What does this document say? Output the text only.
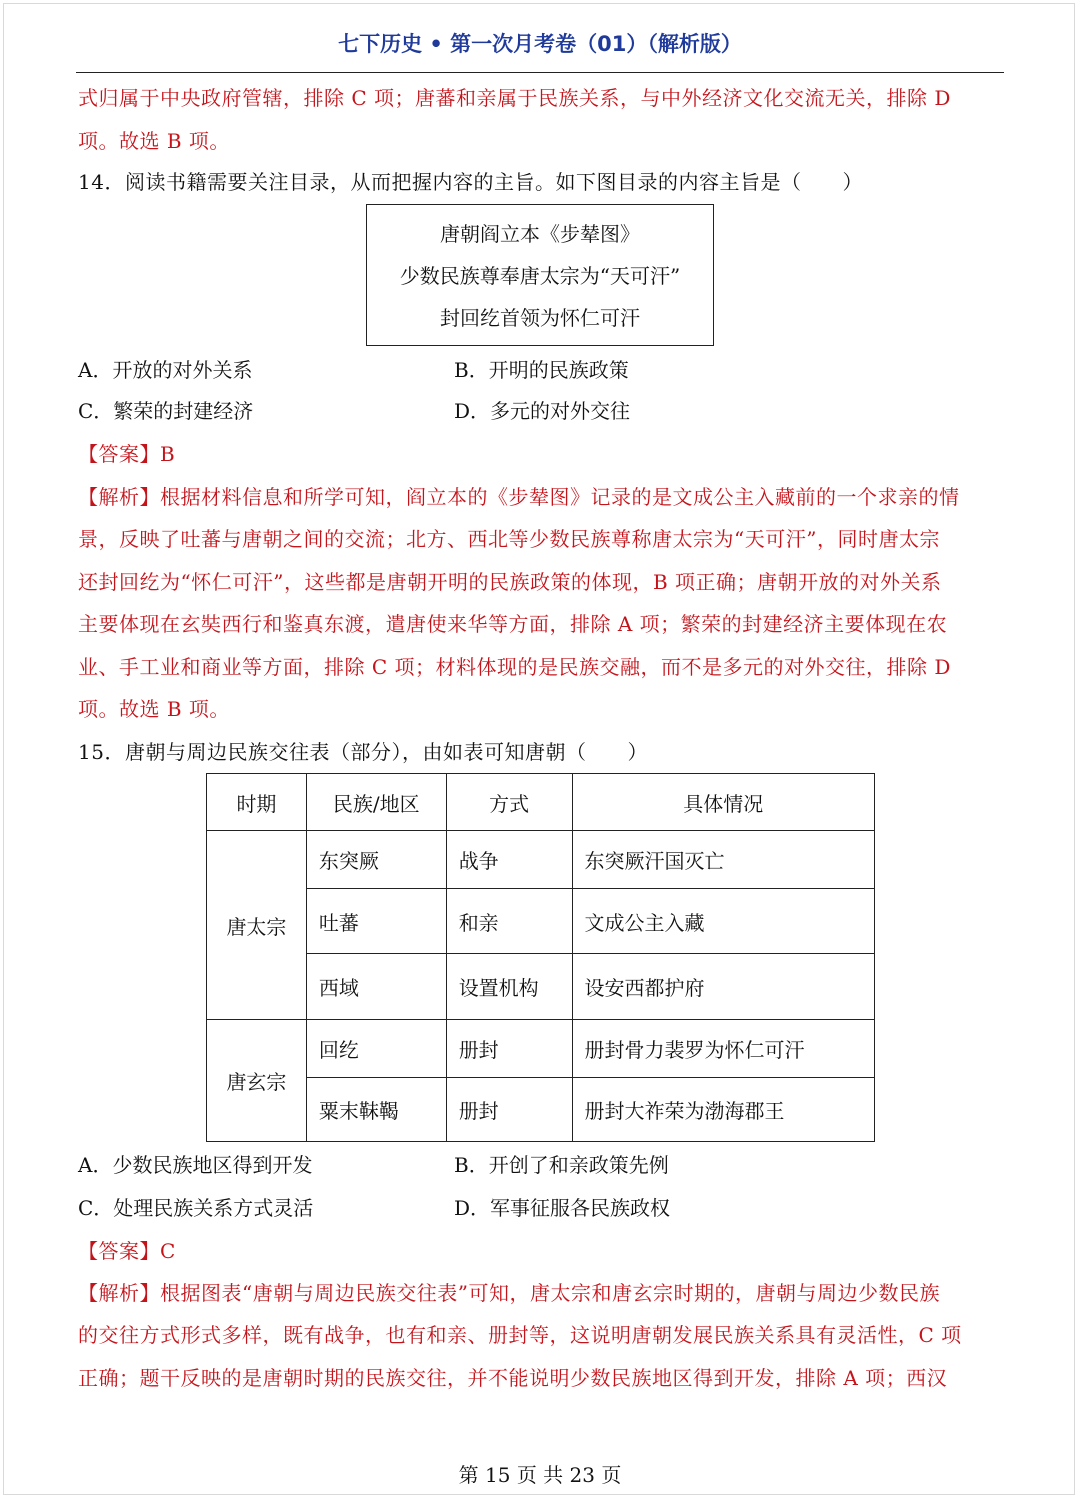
七下历史 • 第一次月考卷（01）（解析版）
式归属于中央政府管辖，排除 C 项；唐蕃和亲属于民族关系，与中外经济文化交流无关，排除 D
项。故选 B 项。
14．阅读书籍需要关注目录，从而把握内容的主旨。如下图目录的内容主旨是（　　）
唐朝阎立本《步辇图》
少数民族尊奉唐太宗为“天可汗”
封回纥首领为怀仁可汗
A．开放的对外关系	B．开明的民族政策
C．繁荣的封建经济	D．多元的对外交往
【答案】B
【解析】根据材料信息和所学可知，阎立本的《步辇图》记录的是文成公主入藏前的一个求亲的情
景，反映了吐蕃与唐朝之间的交流；北方、西北等少数民族尊称唐太宗为“天可汗”，同时唐太宗
还封回纥为“怀仁可汗”，这些都是唐朝开明的民族政策的体现，B 项正确；唐朝开放的对外关系
主要体现在玄奘西行和鉴真东渡，遣唐使来华等方面，排除 A 项；繁荣的封建经济主要体现在农
业、手工业和商业等方面，排除 C 项；材料体现的是民族交融，而不是多元的对外交往，排除 D
项。故选 B 项。
15．唐朝与周边民族交往表（部分），由如表可知唐朝（　　）
时期	民族/地区	方式	具体情况
唐太宗	东突厥	战争	东突厥汗国灭亡
	吐蕃	和亲	文成公主入藏
	西域	设置机构	设安西都护府
唐玄宗	回纥	册封	册封骨力裴罗为怀仁可汗
	粟末靺鞨	册封	册封大祚荣为渤海郡王
A．少数民族地区得到开发	B．开创了和亲政策先例
C．处理民族关系方式灵活	D．军事征服各民族政权
【答案】C
【解析】根据图表“唐朝与周边民族交往表”可知，唐太宗和唐玄宗时期的，唐朝与周边少数民族
的交往方式形式多样，既有战争，也有和亲、册封等，这说明唐朝发展民族关系具有灵活性，C 项
正确；题干反映的是唐朝时期的民族交往，并不能说明少数民族地区得到开发，排除 A 项；西汉
第 15 页 共 23 页
